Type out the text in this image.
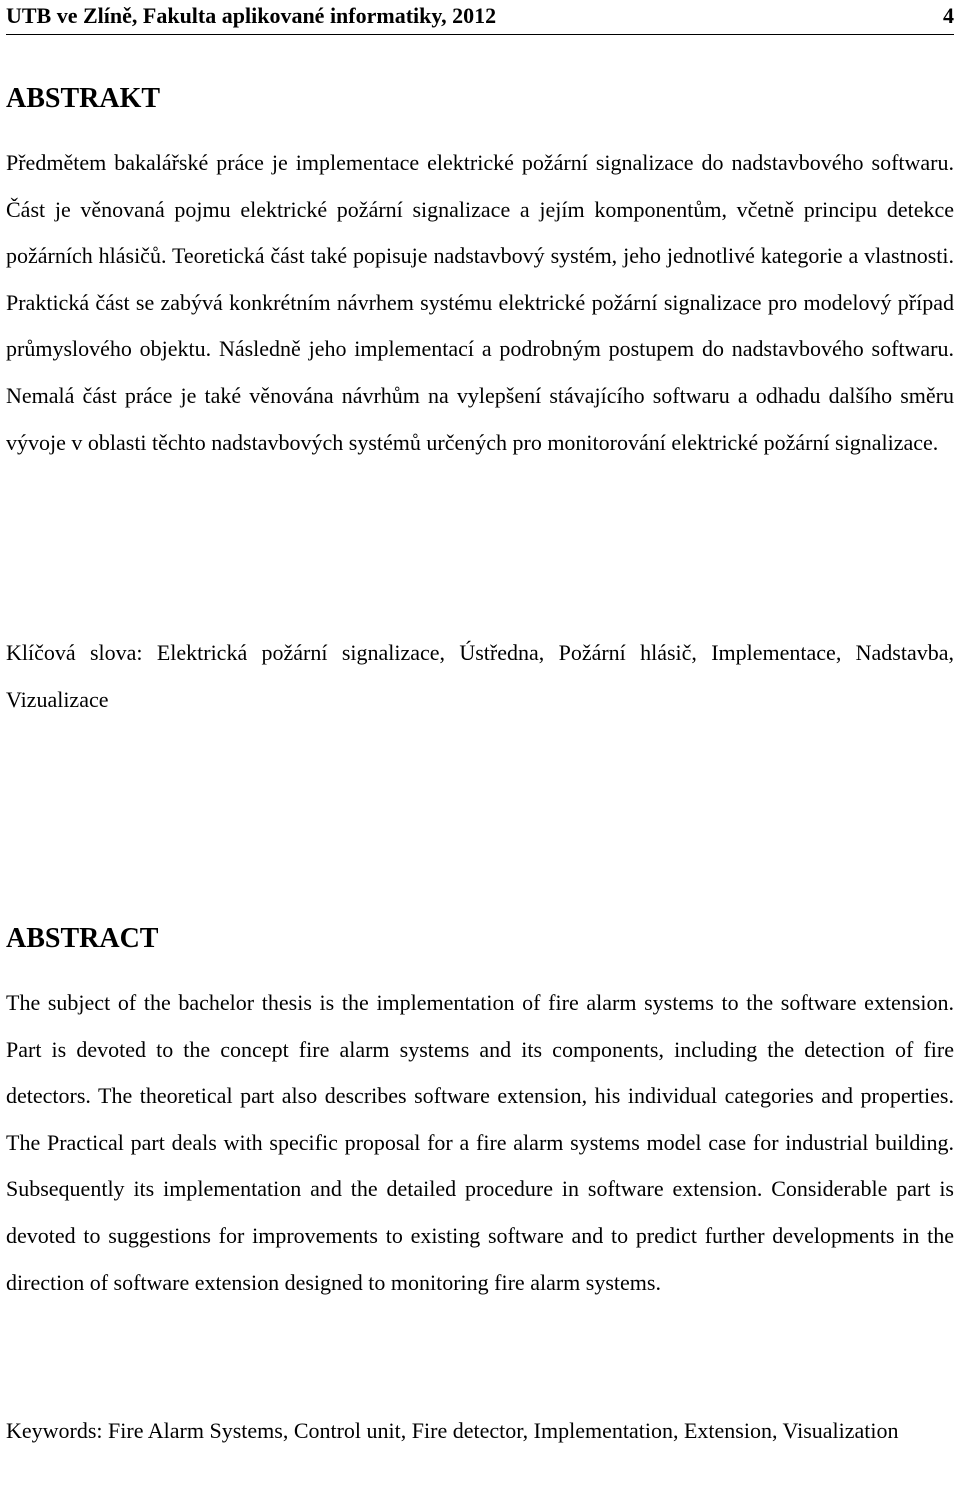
UTB ve Zlíně, Fakulta aplikované informatiky, 2012	4
ABSTRAKT

Předmětem bakalářské práce je implementace elektrické požární signalizace do nadstavbového softwaru. Část je věnovaná pojmu elektrické požární signalizace a jejím komponentům, včetně principu detekce požárních hlásičů. Teoretická část také popisuje nadstavbový systém, jeho jednotlivé kategorie a vlastnosti. Praktická část se zabývá konkrétním návrhem systému elektrické požární signalizace pro modelový případ průmyslového objektu. Následně jeho implementací a podrobným postupem do nadstavbového softwaru. Nemalá část práce je také věnována návrhům na vylepšení stávajícího softwaru a odhadu dalšího směru vývoje v oblasti těchto nadstavbových systémů určených pro monitorování elektrické požární signalizace.

Klíčová slova: Elektrická požární signalizace, Ústředna, Požární hlásič, Implementace, Nadstavba, Vizualizace

ABSTRACT

The subject of the bachelor thesis is the implementation of fire alarm systems to the software extension. Part is devoted to the concept fire alarm systems and its components, including the detection of fire detectors. The theoretical part also describes software extension, his individual categories and properties. The Practical part deals with specific proposal for a fire alarm systems model case for industrial building. Subsequently its implementation and the detailed procedure in software extension. Considerable part is devoted to suggestions for improvements to existing software and to predict further developments in the direction of software extension designed to monitoring fire alarm systems.

Keywords: Fire Alarm Systems, Control unit, Fire detector, Implementation, Extension, Visualization
